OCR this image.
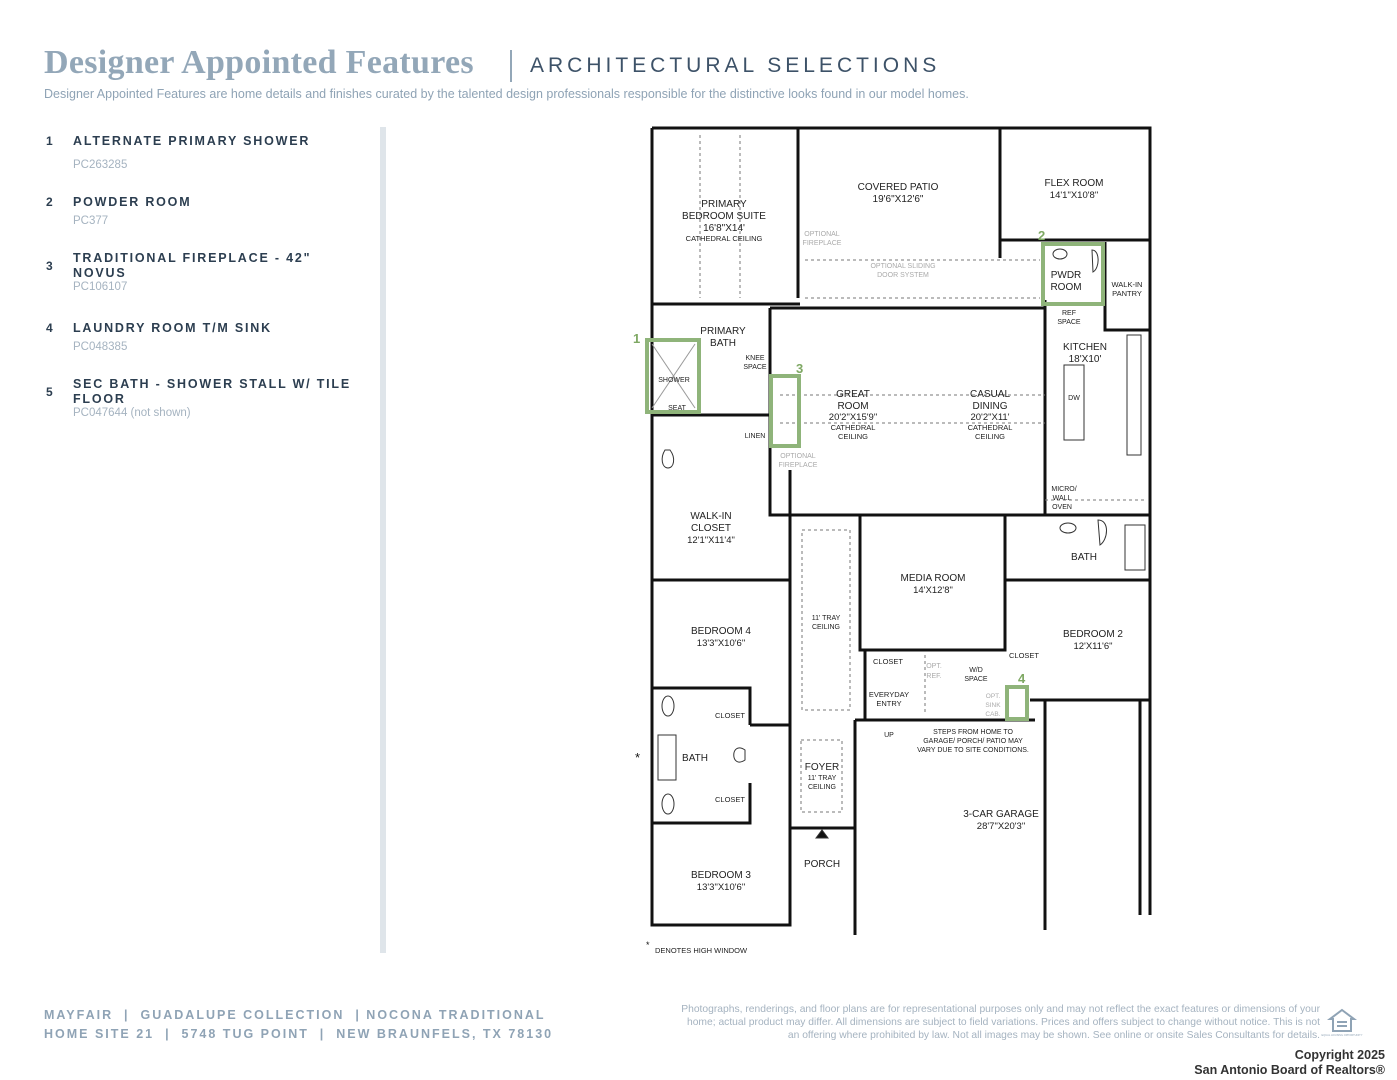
Designer Appointed Features	ARCHITECTURAL SELECTIONS
Designer Appointed Features are home details and finishes curated by the talented design professionals responsible for the distinctive looks found in our model homes.
1 ALTERNATE PRIMARY SHOWER
PC263285
2 POWDER ROOM
PC377
3
TRADITIONAL FIREPLACE - 42" NOVUS
PC106107
4 LAUNDRY ROOM T/M SINK
PC048385
5
SEC BATH - SHOWER STALL W/ TILE FLOOR
PC047644 (not shown)
1
2
3
4
*
PRIMARY
BEDROOM SUITE
16'8"X14'
CATHEDRAL CEILING
COVERED PATIO
19'6"X12'6"
FLEX ROOM
14'1"X10'8"
OPTIONAL
FIREPLACE
OPTIONAL SLIDING
DOOR SYSTEM	PWDR
ROOM	WALK-IN
PANTRY
REF
SPACE
PRIMARY
BATH
KNEE
SPACE
SHOWER
SEAT
KITCHEN
18'X10'
DW
GREAT
ROOM
20'2"X15'9"
CATHEDRAL
CEILING
CASUAL
DINING
20'2"X11'
CATHEDRAL
CEILING
LINEN
OPTIONAL
FIREPLACE
MICRO/
WALL
OVEN
WALK-IN
CLOSET
12'1"X11'4"
BATH
11' TRAY
CEILING
MEDIA ROOM
14'X12'8"
BEDROOM 4
13'3"X10'6"
BEDROOM 2
12'X11'6"
CLOSET
OPT.
REF.
W/D
SPACE
CLOSET
OPT.
SINK
CAB.
EVERYDAY
ENTRY
UP	STEPS FROM HOME TO
GARAGE/ PORCH/ PATIO MAY
VARY DUE TO SITE CONDITIONS.
CLOSET
BATH
CLOSET
FOYER
11' TRAY
CEILING
3-CAR GARAGE
28'7"X20'3"
PORCH
BEDROOM 3
13'3"X10'6"
*
DENOTES HIGH WINDOW
MAYFAIR  |  GUADALUPE COLLECTION  | NOCONA TRADITIONAL
HOME SITE 21  |  5748 TUG POINT  |  NEW BRAUNFELS, TX 78130
Photographs, renderings, and floor plans are for representational purposes only and may not reflect the exact features or dimensions of your home; actual product may differ. All dimensions are subject to field variations. Prices and offers subject to change without notice. This is not an offering where prohibited by law. Not all images may be shown. See online or onsite Sales Consultants for details. EQUAL HOUSING OPPORTUNITY
Copyright 2025
San Antonio Board of Realtors®
